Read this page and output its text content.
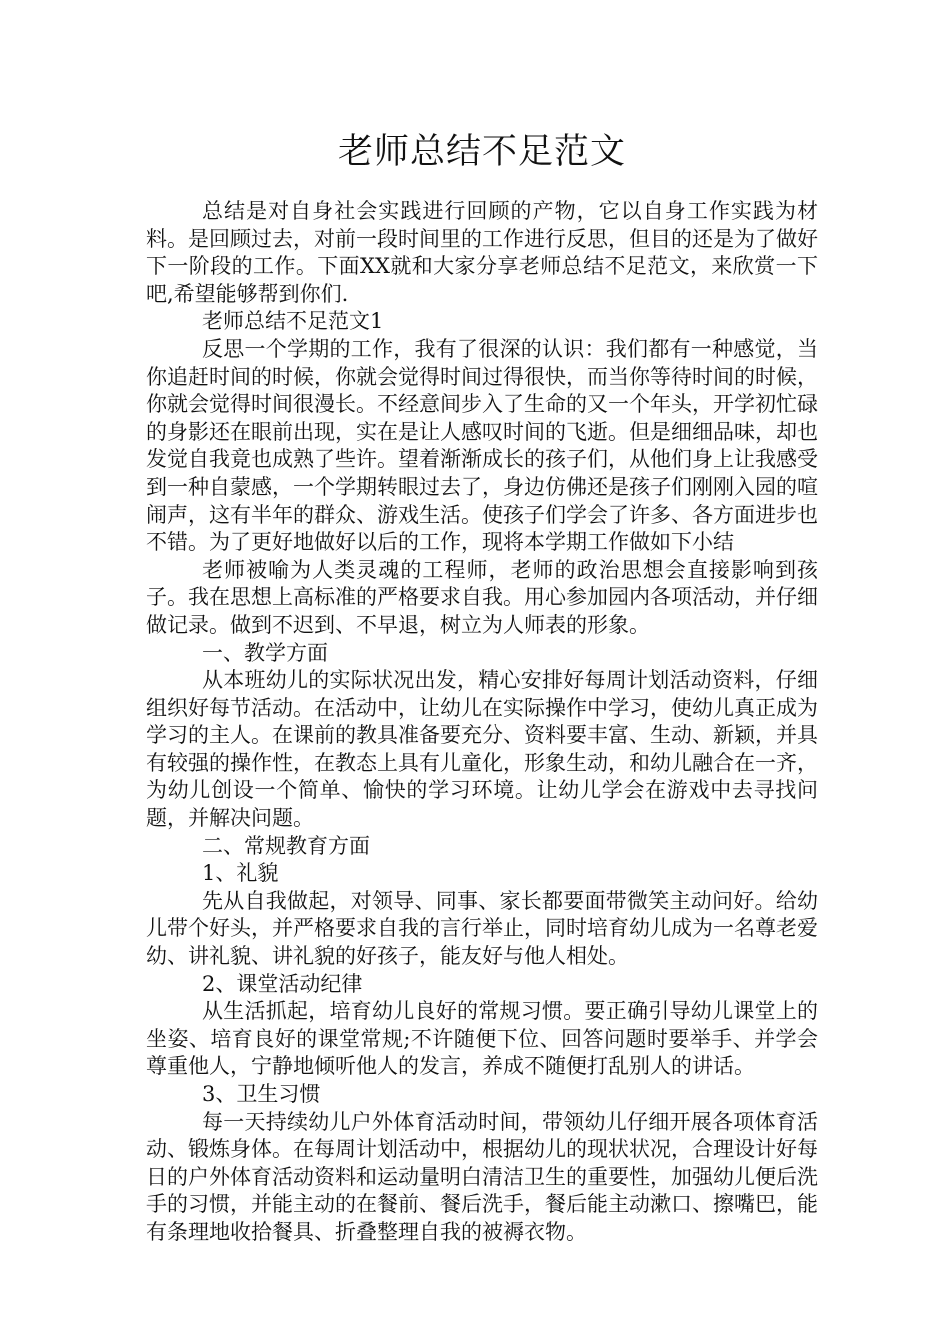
老师总结不足范文

总结是对自身社会实践进行回顾的产物，它以自身工作实践为材料。是回顾过去，对前一段时间里的工作进行反思，但目的还是为了做好下一阶段的工作。下面XX就和大家分享老师总结不足范文，来欣赏一下吧,希望能够帮到你们.

老师总结不足范文1

反思一个学期的工作，我有了很深的认识：我们都有一种感觉，当你追赶时间的时候，你就会觉得时间过得很快，而当你等待时间的时候，你就会觉得时间很漫长。不经意间步入了生命的又一个年头，开学初忙碌的身影还在眼前出现，实在是让人感叹时间的飞逝。但是细细品味，却也发觉自我竟也成熟了些许。望着渐渐成长的孩子们，从他们身上让我感受到一种自蒙感，一个学期转眼过去了，身边仿佛还是孩子们刚刚入园的喧闹声，这有半年的群众、游戏生活。使孩子们学会了许多、各方面进步也不错。为了更好地做好以后的工作，现将本学期工作做如下小结

老师被喻为人类灵魂的工程师，老师的政治思想会直接影响到孩子。我在思想上高标准的严格要求自我。用心参加园内各项活动，并仔细做记录。做到不迟到、不早退，树立为人师表的形象。

一、教学方面

从本班幼儿的实际状况出发，精心安排好每周计划活动资料，仔细组织好每节活动。在活动中，让幼儿在实际操作中学习，使幼儿真正成为学习的主人。在课前的教具准备要充分、资料要丰富、生动、新颖，并具有较强的操作性，在教态上具有儿童化，形象生动，和幼儿融合在一齐，为幼儿创设一个简单、愉快的学习环境。让幼儿学会在游戏中去寻找问题，并解决问题。

二、常规教育方面

1、礼貌

先从自我做起，对领导、同事、家长都要面带微笑主动问好。给幼儿带个好头，并严格要求自我的言行举止，同时培育幼儿成为一名尊老爱幼、讲礼貌、讲礼貌的好孩子，能友好与他人相处。

2、课堂活动纪律

从生活抓起，培育幼儿良好的常规习惯。要正确引导幼儿课堂上的坐姿、培育良好的课堂常规;不许随便下位、回答问题时要举手、并学会尊重他人，宁静地倾听他人的发言，养成不随便打乱别人的讲话。

3、卫生习惯

每一天持续幼儿户外体育活动时间，带领幼儿仔细开展各项体育活动、锻炼身体。在每周计划活动中，根据幼儿的现状状况，合理设计好每日的户外体育活动资料和运动量明白清洁卫生的重要性，加强幼儿便后洗手的习惯，并能主动的在餐前、餐后洗手，餐后能主动漱口、擦嘴巴，能有条理地收拾餐具、折叠整理自我的被褥衣物。
